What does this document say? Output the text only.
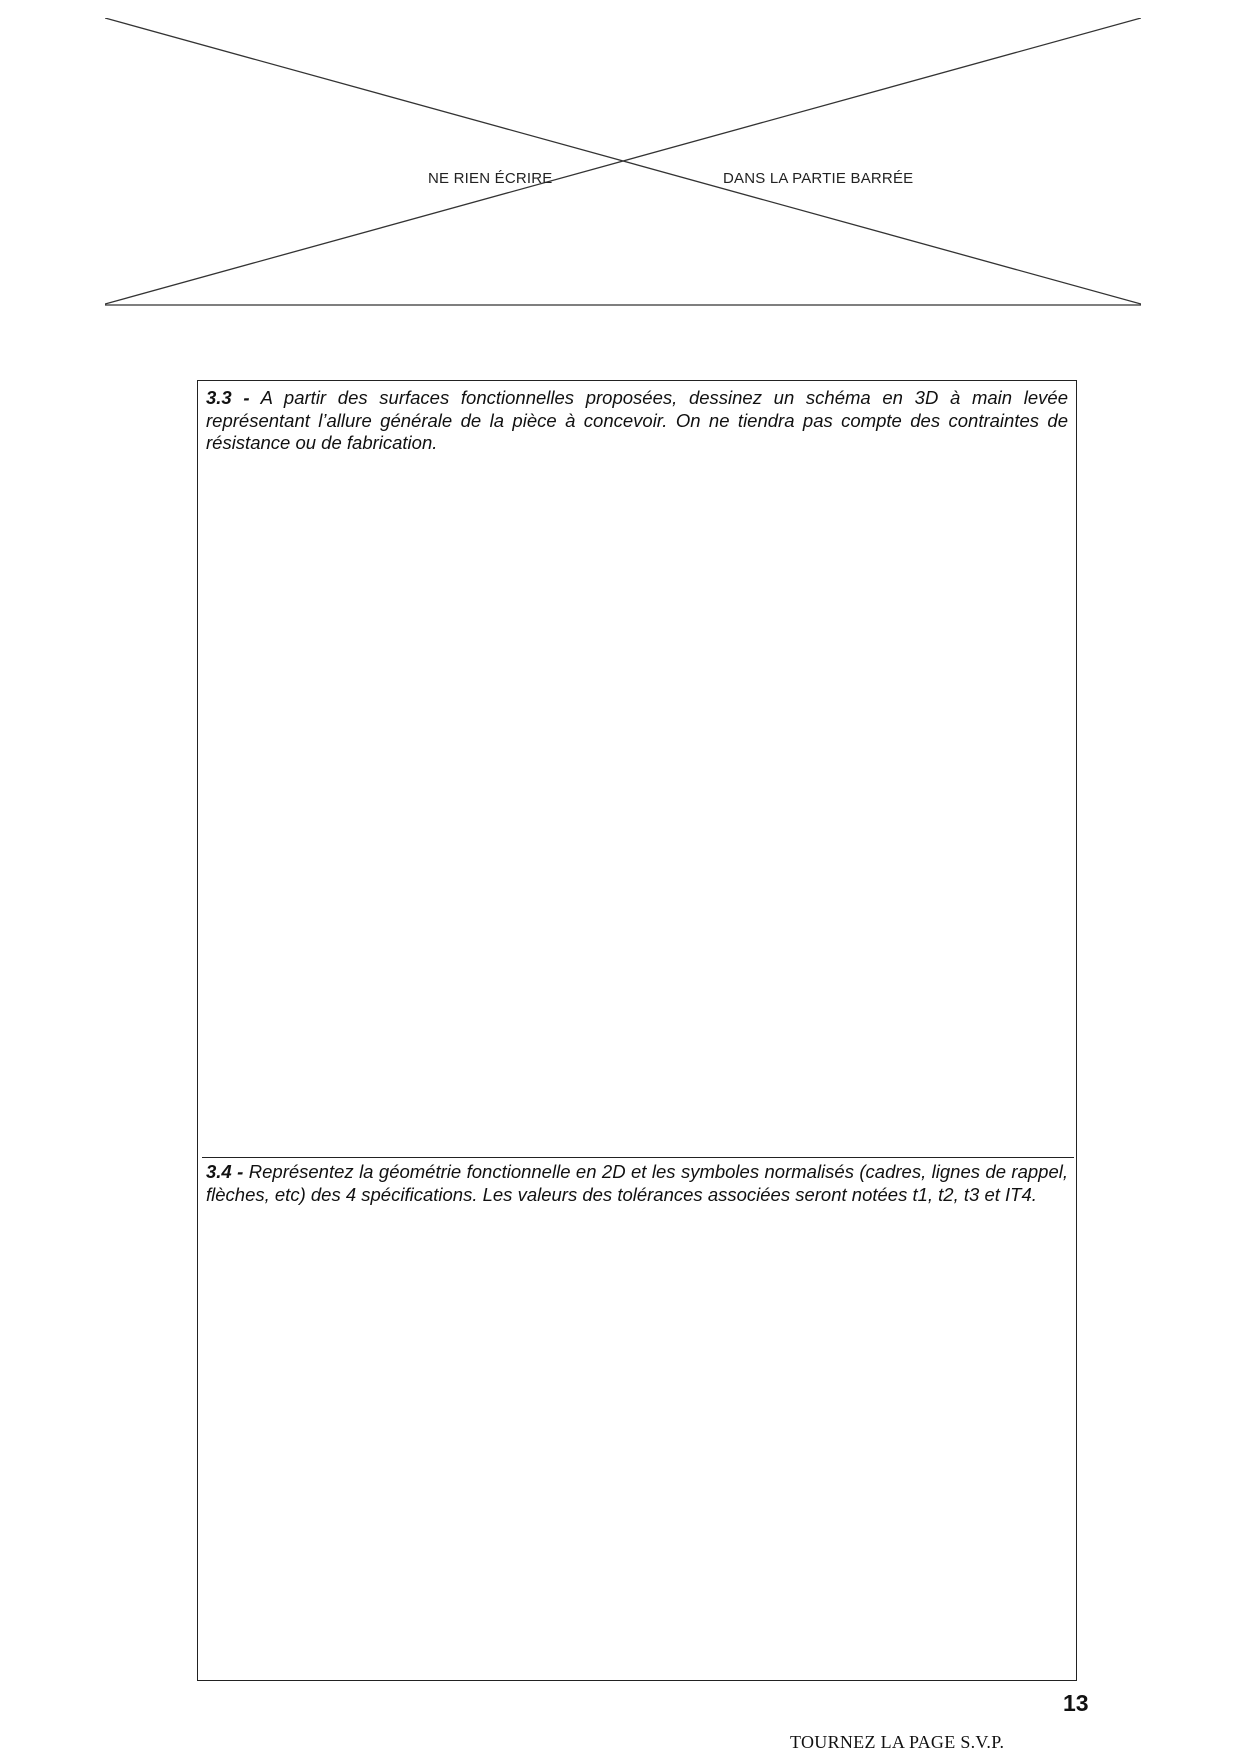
NE RIEN ÉCRIRE	DANS LA PARTIE BARRÉE
3.3 - A partir des surfaces fonctionnelles proposées, dessinez un schéma en 3D à main levée représentant l’allure générale de la pièce à concevoir. On ne tiendra pas compte des contraintes de résistance ou de fabrication.
3.4 - Représentez la géométrie fonctionnelle en 2D et les symboles normalisés (cadres, lignes de rappel, flèches, etc) des 4 spécifications. Les valeurs des tolérances associées seront notées t1, t2, t3 et IT4.
TOURNEZ LA PAGE S.V.P.
13
